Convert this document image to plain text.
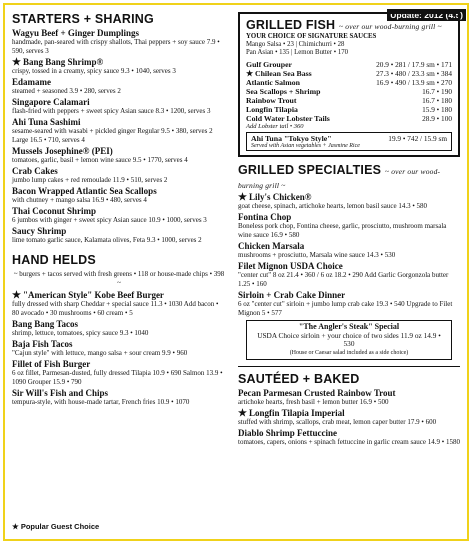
Update: 2012 (4.5)
STARTERS + SHARING
Wagyu Beef + Ginger Dumplings
handmade, pan-seared with crispy shallots, Thai peppers + soy sauce 7.9 • 590, serves 3
★ Bang Bang Shrimp®
crispy, tossed in a creamy, spicy sauce 9.3 • 1040, serves 3
Edamame
steamed + seasoned 3.9 • 280, serves 2
Singapore Calamari
flash-fried with peppers + sweet spicy Asian sauce 8.3 • 1200, serves 3
Ahi Tuna Sashimi
sesame-seared with wasabi + pickled ginger Regular 9.5 • 380, serves 2 Large 16.5 • 710, serves 4
Mussels Josephine® (PEI)
tomatoes, garlic, basil + lemon wine sauce 9.5 • 1770, serves 4
Crab Cakes
jumbo lump cakes + red remoulade 11.9 • 510, serves 2
Bacon Wrapped Atlantic Sea Scallops
with chutney + mango salsa 16.9 • 480, serves 4
Thai Coconut Shrimp
6 jumbos with ginger + sweet spicy Asian sauce 10.9 • 1000, serves 3
Saucy Shrimp
lime tomato garlic sauce, Kalamata olives, Feta 9.3 • 1000, serves 2
HAND HELDS
~ burgers + tacos served with fresh greens • 118 or house-made chips • 398 ~
★ "American Style" Kobe Beef Burger
fully dressed with sharp Cheddar + special sauce 11.3 • 1030 Add bacon • 80 avocado • 30 mushrooms • 60 cream • 5
Bang Bang Tacos
shrimp, lettuce, tomatoes, spicy sauce 9.3 • 1040
Baja Fish Tacos
"Cajun style" with lettuce, mango salsa + sour cream 9.9 • 960
Fillet of Fish Burger
6 oz fillet, Parmesan-dusted, fully dressed Tilapia 10.9 • 690 Salmon 13.9 • 1090 Grouper 15.9 • 790
Sir Will's Fish and Chips
tempura-style, with house-made tartar, French fries 10.9 • 1070
★ Popular Guest Choice
GRILLED FISH ~ over our wood-burning grill ~
YOUR CHOICE OF SIGNATURE SAUCES
Mango Salsa • 23 | Chimichurri • 28
Pan Asian • 135 | Lemon Butter • 170
Gulf Grouper	20.9 • 281 / 17.9 sm • 171
★ Chilean Sea Bass	27.3 • 480 / 23.3 sm • 384
Atlantic Salmon	16.9 • 490 / 13.9 sm • 270
Sea Scallops + Shrimp	16.7 • 190
Rainbow Trout	16.7 • 180
Longfin Tilapia	15.9 • 180
Cold Water Lobster Tails	28.9 • 100
Add Lobster tail • 360
Ahi Tuna "Tokyo Style"	19.9 • 742 / 15.9 sm
Served with Asian vegetables + Jasmine Rice
GRILLED SPECIALTIES ~ over our wood-burning grill ~
★ Lily's Chicken®
goat cheese, spinach, artichoke hearts, lemon basil sauce 14.3 • 580
Fontina Chop
Boneless pork chop, Fontina cheese, garlic, prosciutto, mushroom marsala wine sauce 16.9 • 580
Chicken Marsala
mushrooms + prosciutto, Marsala wine sauce 14.3 • 530
Filet Mignon USDA Choice
"center cut" 8 oz 21.4 • 360 / 6 oz 18.2 • 290 Add Garlic Gorgonzola butter 1.25 • 160
Sirloin + Crab Cake Dinner
6 oz "center cut" sirloin + jumbo lump crab cake 19.3 • 540 Upgrade to Filet Mignon 5 • 577
"The Angler's Steak" Special
USDA Choice sirloin + your choice of two sides 11.9 oz 14.9 • 530
(House or Caesar salad included as a side choice)
SAUTÉED + BAKED
Pecan Parmesan Crusted Rainbow Trout
artichoke hearts, fresh basil + lemon butter 16.9 • 500
★ Longfin Tilapia Imperial
stuffed with shrimp, scallops, crab meat, lemon caper butter 17.9 • 600
Diablo Shrimp Fettuccine
tomatoes, capers, onions + spinach fettuccine in garlic cream sauce 14.9 • 1580
